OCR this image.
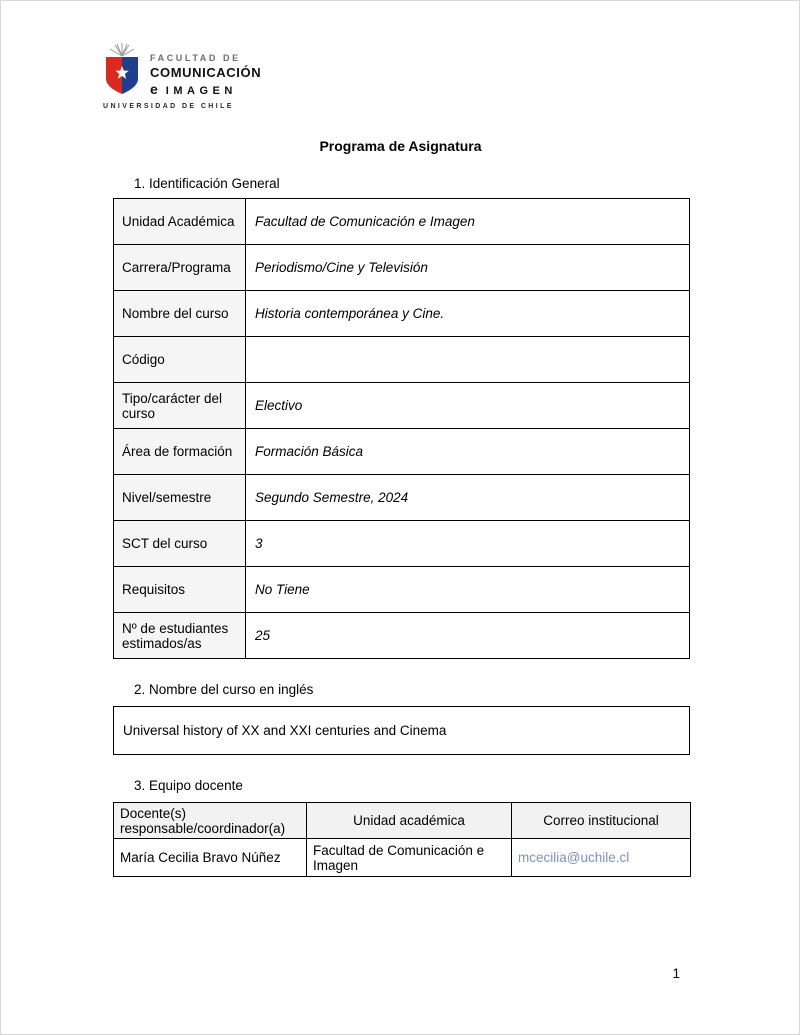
FACULTAD DE
COMUNICACIÓN
e IMAGEN
UNIVERSIDAD DE CHILE
Programa de Asignatura
1. Identificación General
Unidad Académica	Facultad de Comunicación e Imagen
Carrera/Programa	Periodismo/Cine y Televisión
Nombre del curso	Historia contemporánea y Cine.
Código	
Tipo/carácter del curso	Electivo
Área de formación	Formación Básica
Nivel/semestre	Segundo Semestre, 2024
SCT del curso	3
Requisitos	No Tiene
Nº de estudiantes estimados/as	25
2. Nombre del curso en inglés
Universal history of XX and XXI centuries and Cinema
3. Equipo docente
Docente(s) responsable/coordinador(a)	Unidad académica	Correo institucional
María Cecilia Bravo Núñez	Facultad de Comunicación e Imagen	mcecilia@uchile.cl
1
